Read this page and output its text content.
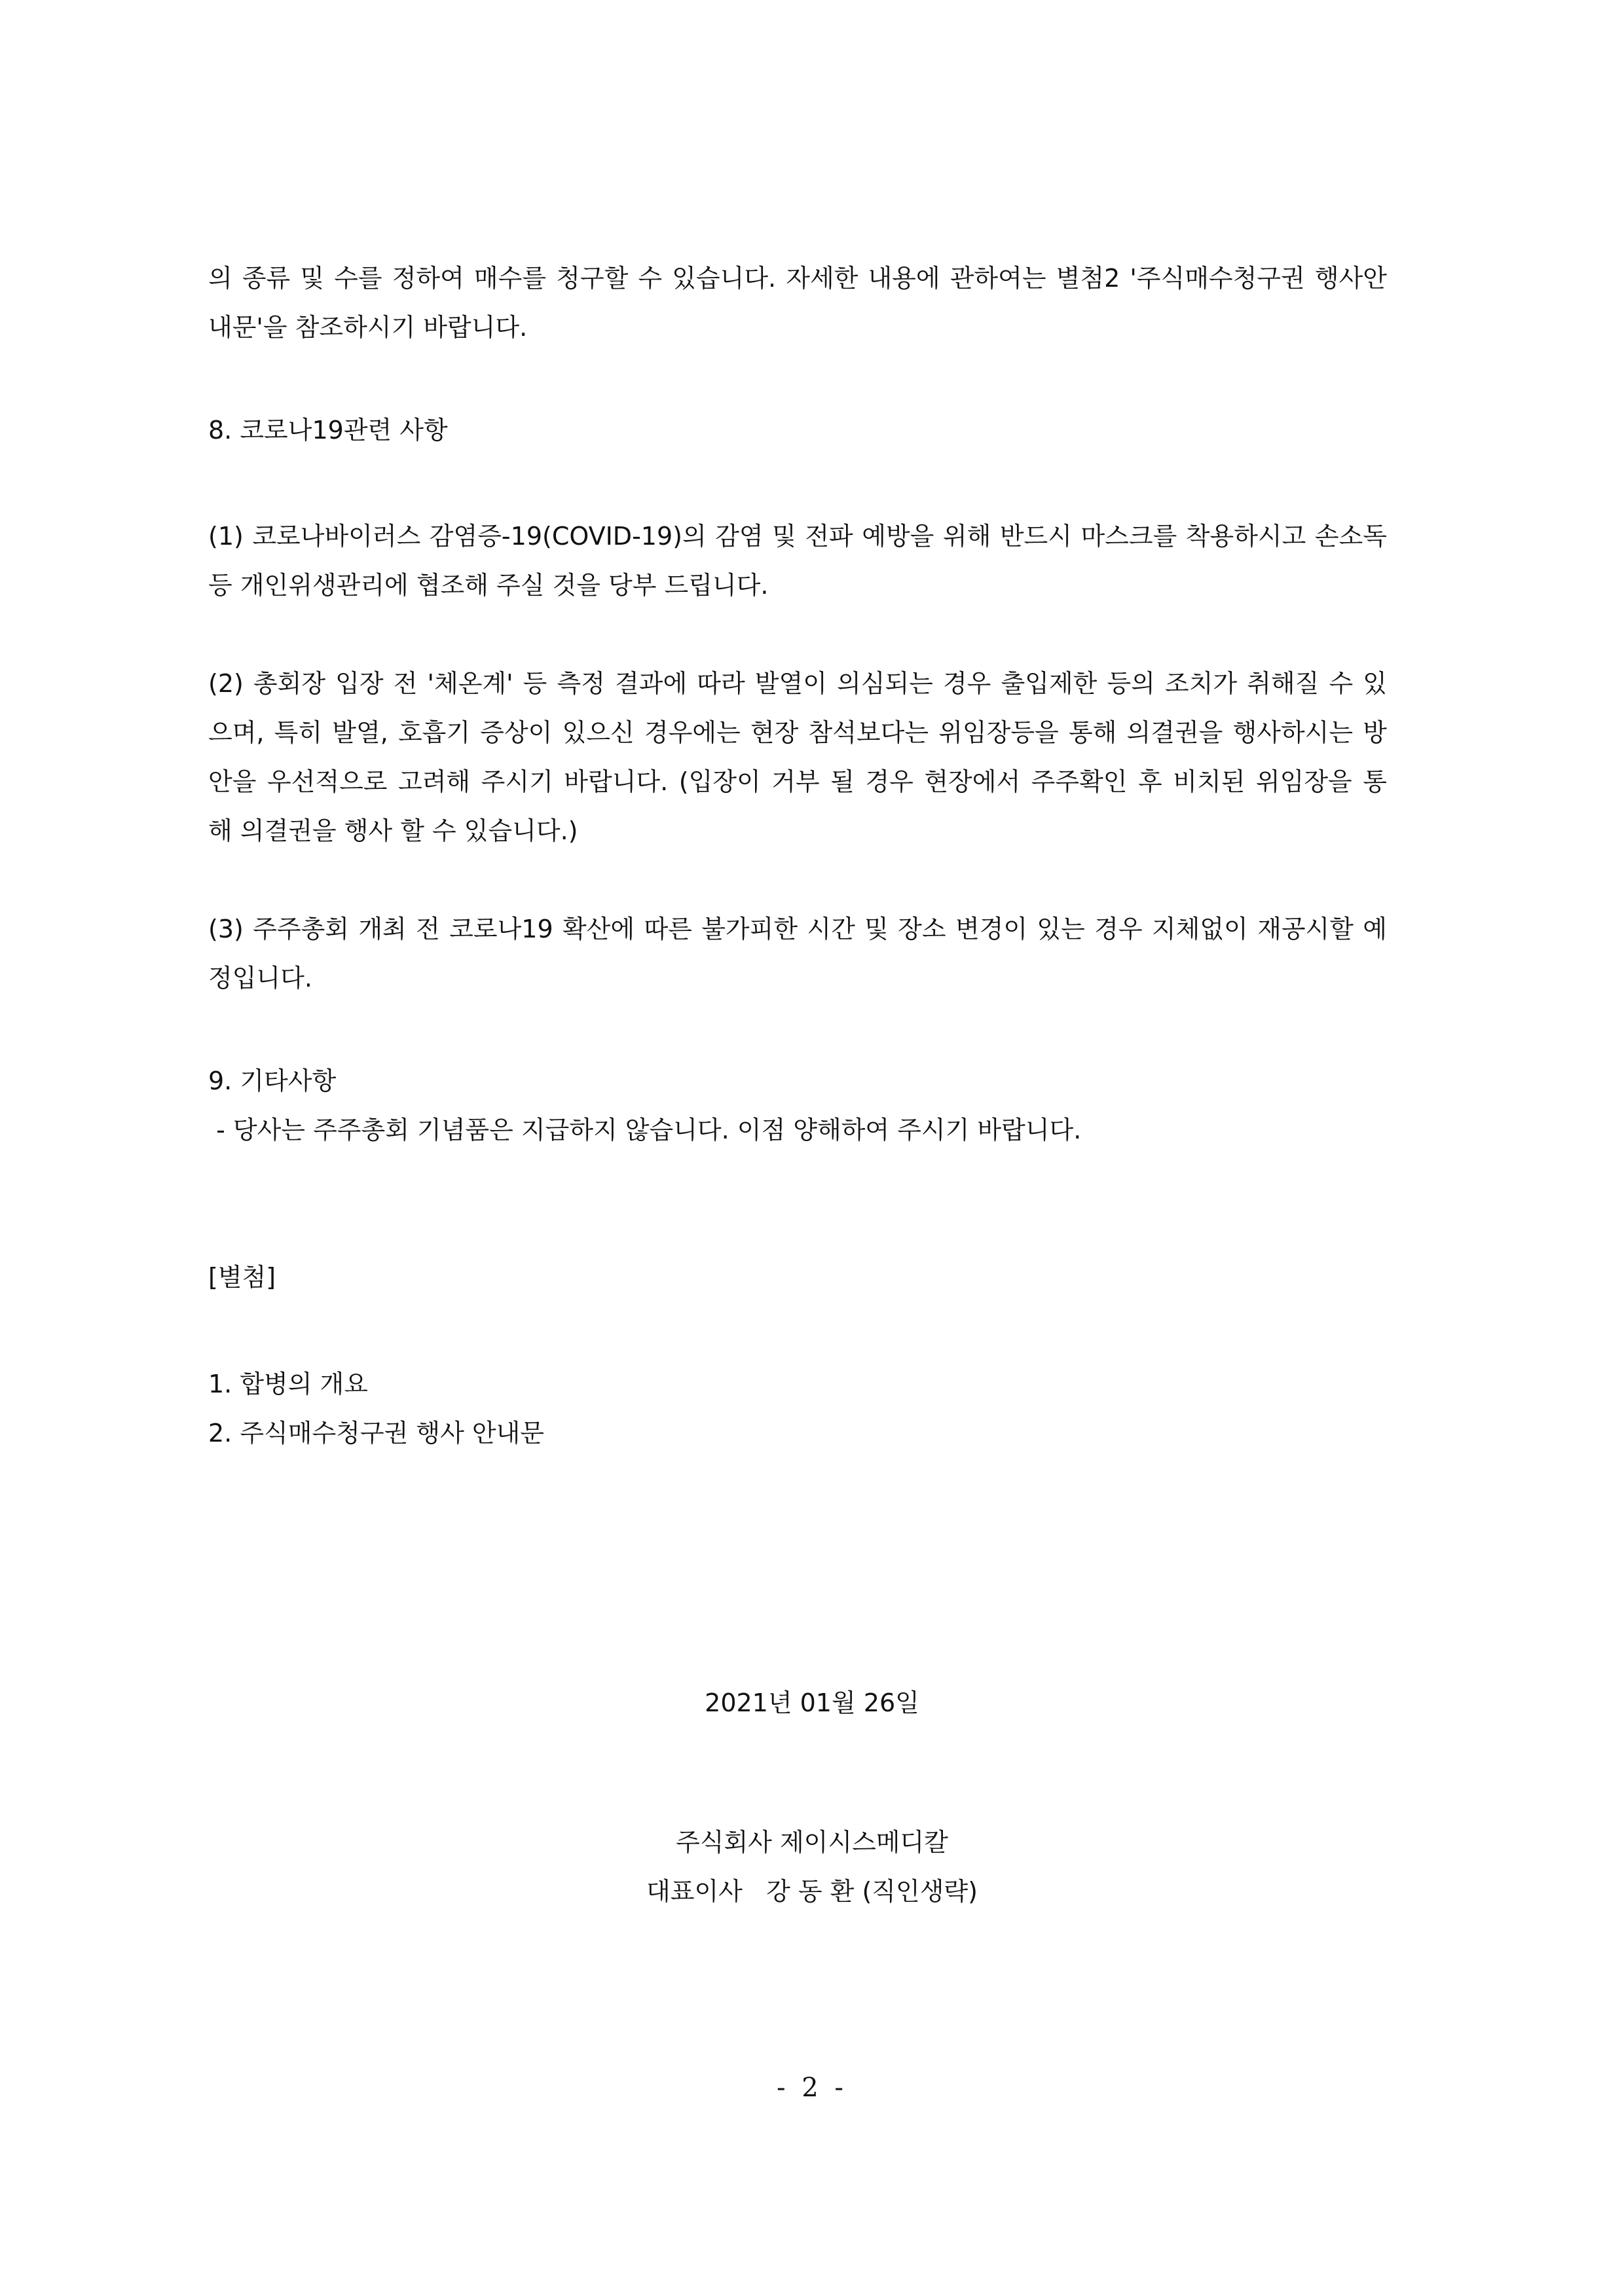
의 종류 및 수를 정하여 매수를 청구할 수 있습니다. 자세한 내용에 관하여는 별첨2 '주식매수청구권 행사안
내문'을 참조하시기 바랍니다.
8. 코로나19관련 사항
(1) 코로나바이러스 감염증-19(COVID-19)의 감염 및 전파 예방을 위해 반드시 마스크를 착용하시고 손소독
등 개인위생관리에 협조해 주실 것을 당부 드립니다.
(2) 총회장 입장 전 '체온계' 등 측정 결과에 따라 발열이 의심되는 경우 출입제한 등의 조치가 취해질 수 있
으며, 특히 발열, 호흡기 증상이 있으신 경우에는 현장 참석보다는 위임장등을 통해 의결권을 행사하시는 방
안을 우선적으로 고려해 주시기 바랍니다. (입장이 거부 될 경우 현장에서 주주확인 후 비치된 위임장을 통
해 의결권을 행사 할 수 있습니다.)
(3) 주주총회 개최 전 코로나19 확산에 따른 불가피한 시간 및 장소 변경이 있는 경우 지체없이 재공시할 예
정입니다.
9. 기타사항
- 당사는 주주총회 기념품은 지급하지 않습니다. 이점 양해하여 주시기 바랍니다.
[별첨]
1. 합병의 개요
2. 주식매수청구권 행사 안내문
2021년 01월 26일
주식회사 제이시스메디칼
대표이사   강 동 환 (직인생략)
- 2 -
